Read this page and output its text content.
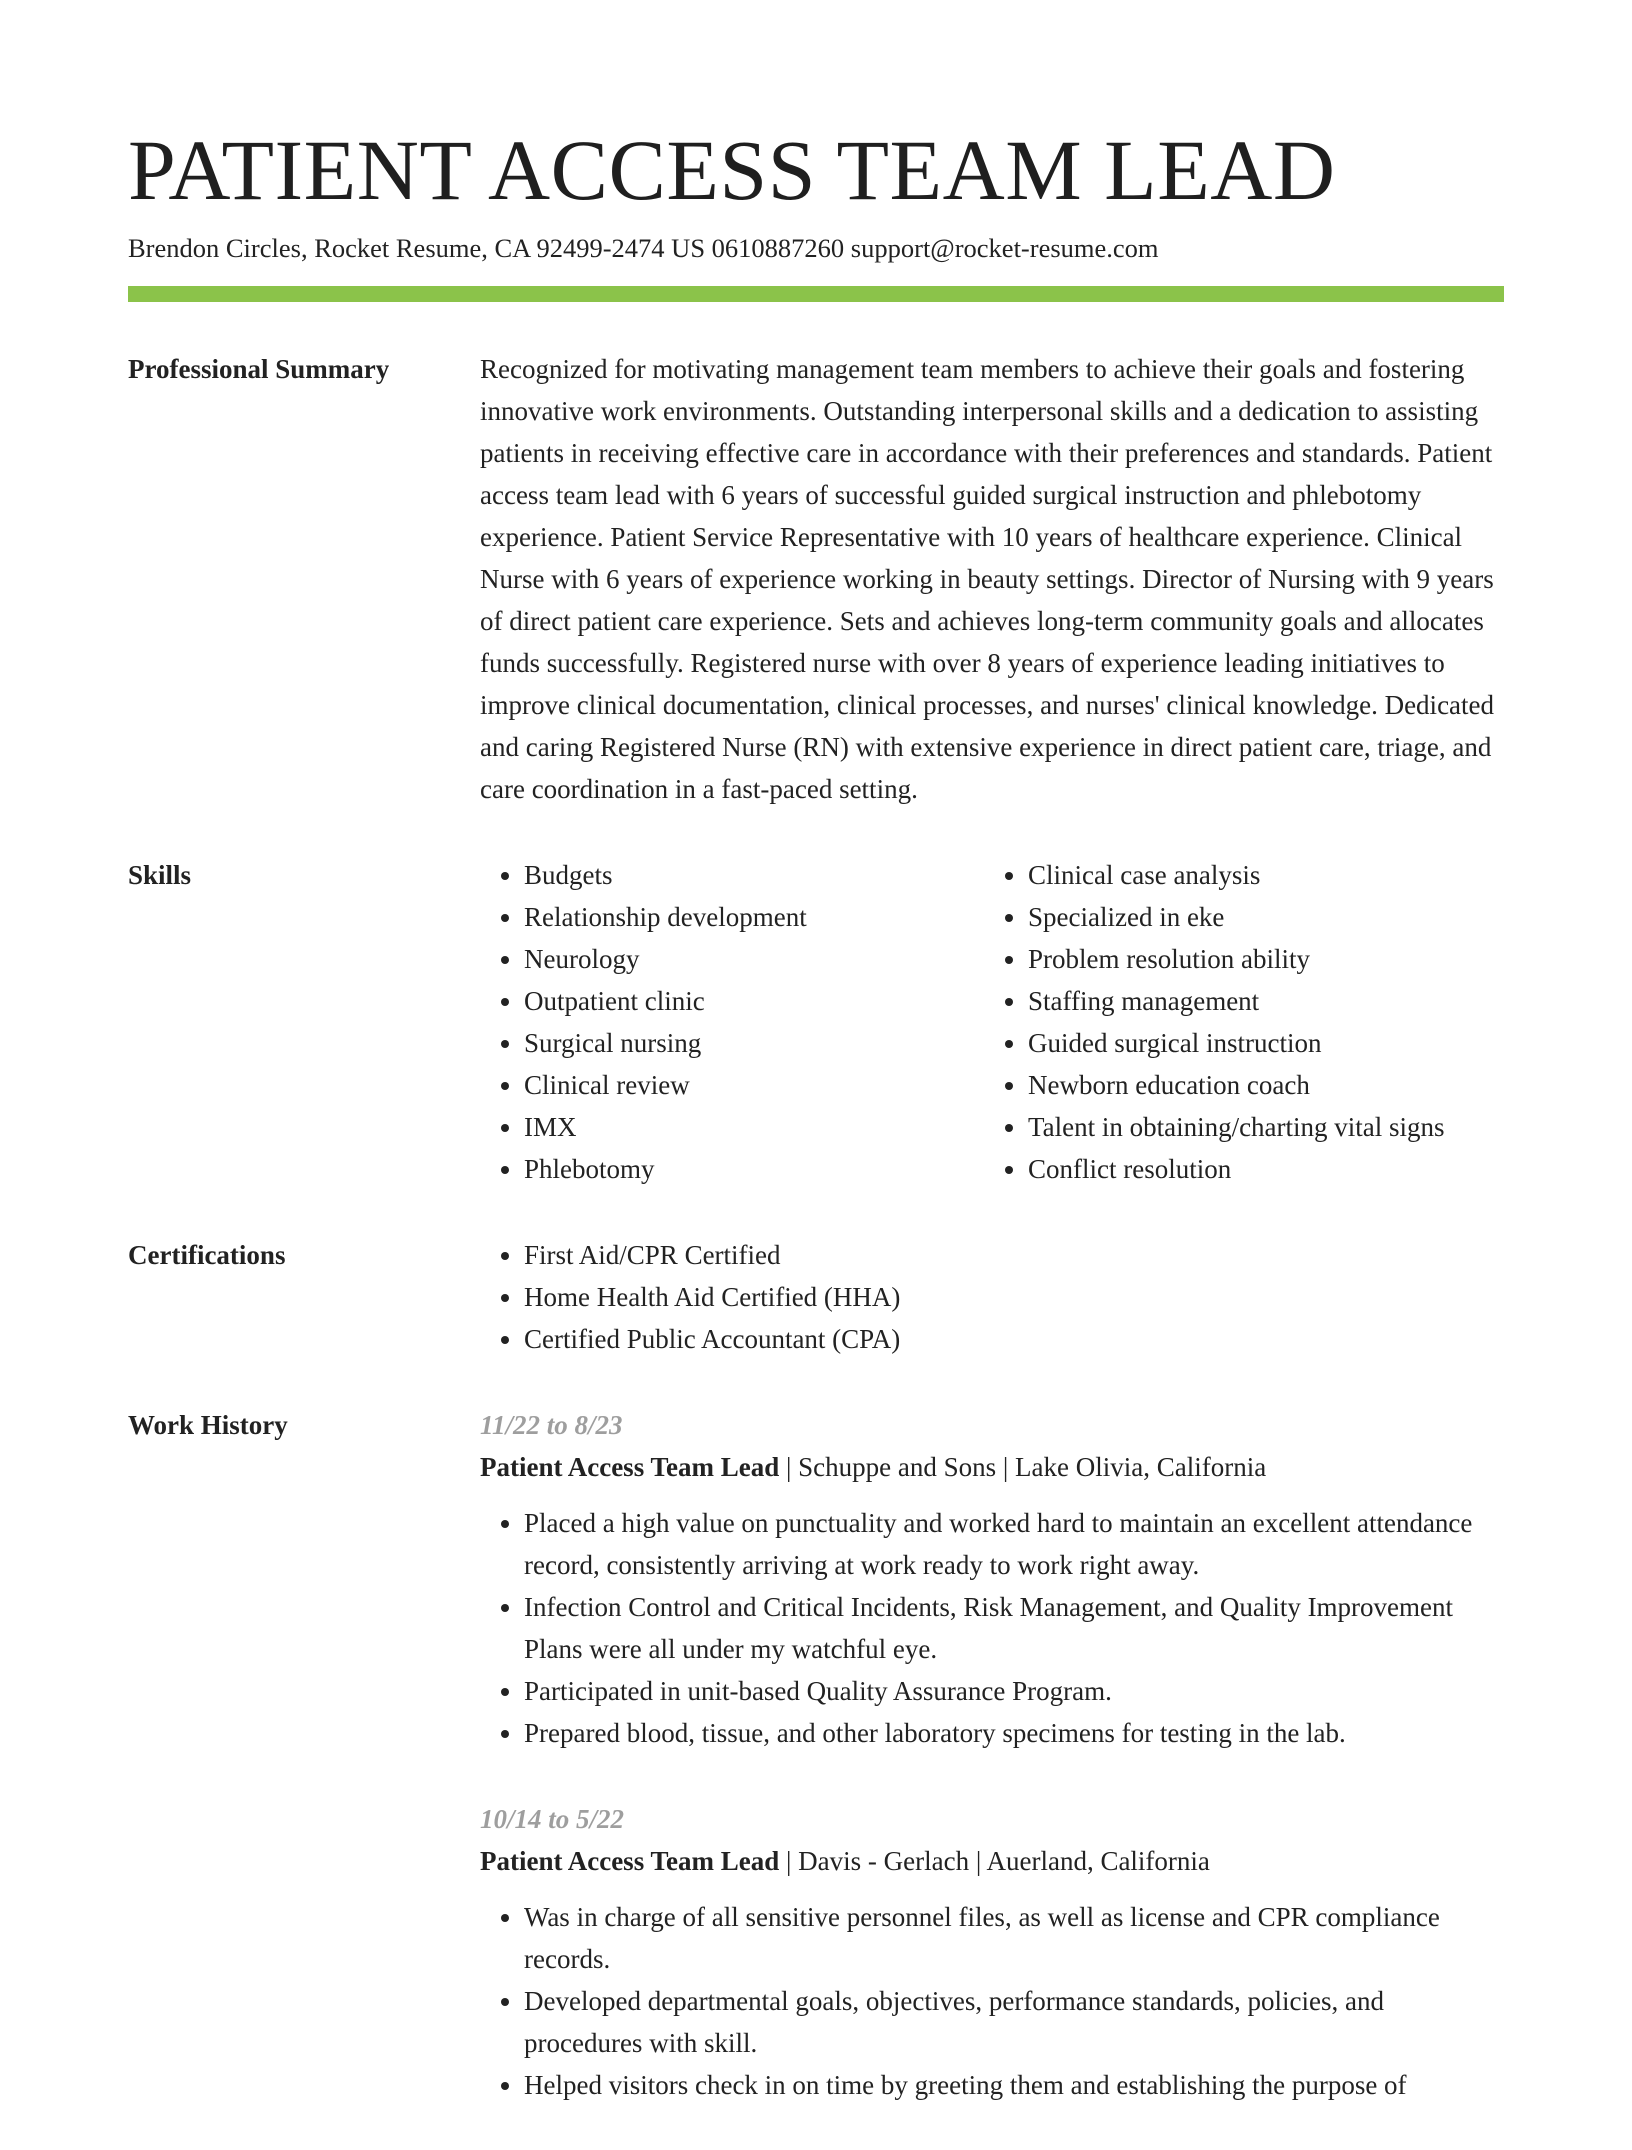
PATIENT ACCESS TEAM LEAD
Brendon Circles, Rocket Resume, CA 92499-2474 US 0610887260 support@rocket-resume.com
Professional Summary	Recognized for motivating management team members to achieve their goals and fostering innovative work environments. Outstanding interpersonal skills and a dedication to assisting patients in receiving effective care in accordance with their preferences and standards. Patient access team lead with 6 years of successful guided surgical instruction and phlebotomy experience. Patient Service Representative with 10 years of healthcare experience. Clinical Nurse with 6 years of experience working in beauty settings. Director of Nursing with 9 years of direct patient care experience. Sets and achieves long-term community goals and allocates funds successfully. Registered nurse with over 8 years of experience leading initiatives to improve clinical documentation, clinical processes, and nurses' clinical knowledge. Dedicated and caring Registered Nurse (RN) with extensive experience in direct patient care, triage, and care coordination in a fast-paced setting.

Skills	• Budgets
• Relationship development
• Neurology
• Outpatient clinic
• Surgical nursing
• Clinical review
• IMX
• Phlebotomy
• Clinical case analysis
• Specialized in eke
• Problem resolution ability
• Staffing management
• Guided surgical instruction
• Newborn education coach
• Talent in obtaining/charting vital signs
• Conflict resolution
Certifications	• First Aid/CPR Certified
• Home Health Aid Certified (HHA)
• Certified Public Accountant (CPA)
Work History	11/22 to 8/23
Patient Access Team Lead | Schuppe and Sons | Lake Olivia, California
• Placed a high value on punctuality and worked hard to maintain an excellent attendance record, consistently arriving at work ready to work right away.
• Infection Control and Critical Incidents, Risk Management, and Quality Improvement Plans were all under my watchful eye.
• Participated in unit-based Quality Assurance Program.
• Prepared blood, tissue, and other laboratory specimens for testing in the lab.
10/14 to 5/22
Patient Access Team Lead | Davis - Gerlach | Auerland, California
• Was in charge of all sensitive personnel files, as well as license and CPR compliance records.
• Developed departmental goals, objectives, performance standards, policies, and procedures with skill.
• Helped visitors check in on time by greeting them and establishing the purpose of
